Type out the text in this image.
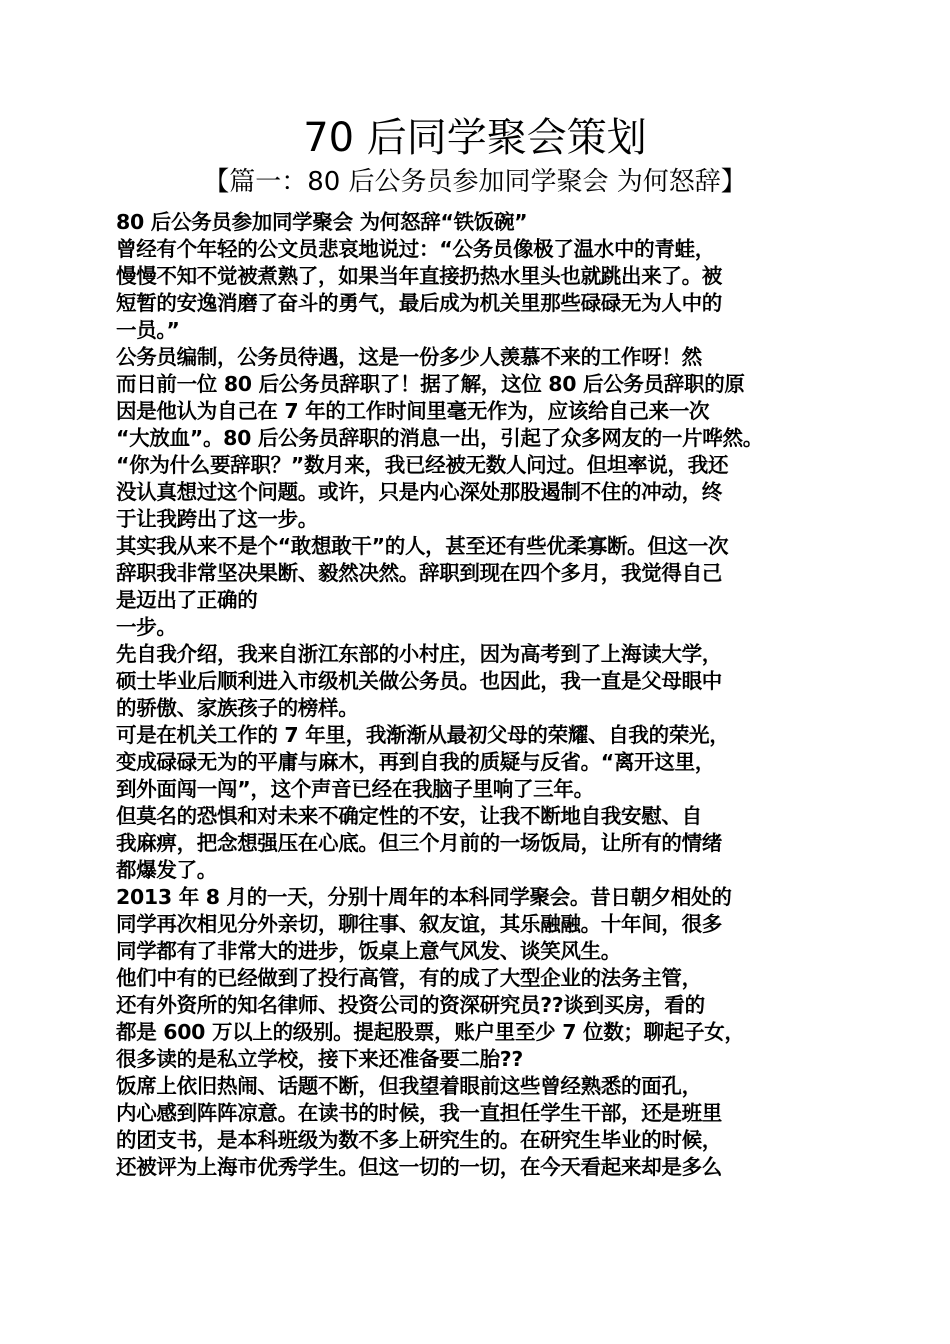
70 后同学聚会策划
【篇一：80 后公务员参加同学聚会 为何怒辞】
80 后公务员参加同学聚会 为何怒辞“铁饭碗”
曾经有个年轻的公文员悲哀地说过：“公务员像极了温水中的青蛙，
慢慢不知不觉被煮熟了，如果当年直接扔热水里头也就跳出来了。被
短暂的安逸消磨了奋斗的勇气，最后成为机关里那些碌碌无为人中的
一员。”
公务员编制，公务员待遇，这是一份多少人羡慕不来的工作呀！然
而日前一位 80 后公务员辞职了！据了解，这位 80 后公务员辞职的原
因是他认为自己在 7 年的工作时间里毫无作为，应该给自己来一次
“大放血”。80 后公务员辞职的消息一出，引起了众多网友的一片哗然。
“你为什么要辞职？”数月来，我已经被无数人问过。但坦率说，我还
没认真想过这个问题。或许，只是内心深处那股遏制不住的冲动，终
于让我跨出了这一步。
其实我从来不是个“敢想敢干”的人，甚至还有些优柔寡断。但这一次
辞职我非常坚决果断、毅然决然。辞职到现在四个多月，我觉得自己
是迈出了正确的
一步。
先自我介绍，我来自浙江东部的小村庄，因为高考到了上海读大学，
硕士毕业后顺利进入市级机关做公务员。也因此，我一直是父母眼中
的骄傲、家族孩子的榜样。
可是在机关工作的 7 年里，我渐渐从最初父母的荣耀、自我的荣光，
变成碌碌无为的平庸与麻木，再到自我的质疑与反省。“离开这里，
到外面闯一闯”，这个声音已经在我脑子里响了三年。
但莫名的恐惧和对未来不确定性的不安，让我不断地自我安慰、自
我麻痹，把念想强压在心底。但三个月前的一场饭局，让所有的情绪
都爆发了。
2013 年 8 月的一天，分别十周年的本科同学聚会。昔日朝夕相处的
同学再次相见分外亲切，聊往事、叙友谊，其乐融融。十年间，很多
同学都有了非常大的进步，饭桌上意气风发、谈笑风生。
他们中有的已经做到了投行高管，有的成了大型企业的法务主管，
还有外资所的知名律师、投资公司的资深研究员??谈到买房，看的
都是 600 万以上的级别。提起股票，账户里至少 7 位数；聊起子女，
很多读的是私立学校，接下来还准备要二胎??
饭席上依旧热闹、话题不断，但我望着眼前这些曾经熟悉的面孔，
内心感到阵阵凉意。在读书的时候，我一直担任学生干部，还是班里
的团支书，是本科班级为数不多上研究生的。在研究生毕业的时候，
还被评为上海市优秀学生。但这一切的一切，在今天看起来却是多么
